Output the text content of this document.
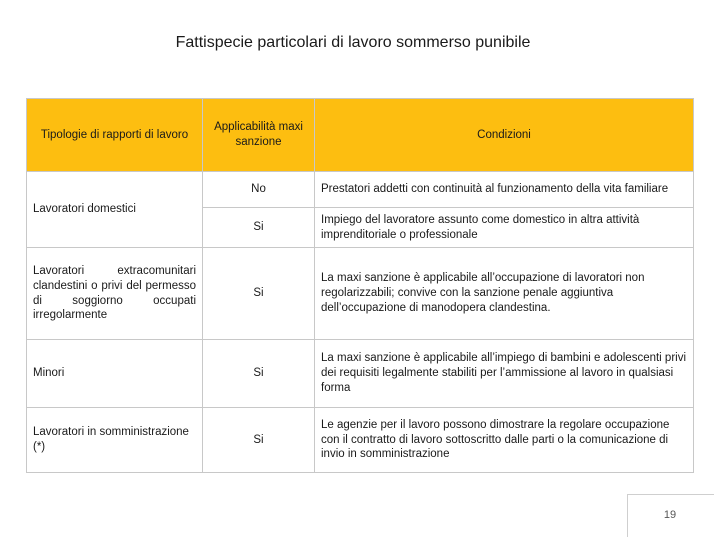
Fattispecie particolari di lavoro sommerso punibile
Tipologie di rapporti di lavoro	Applicabilità maxi sanzione	Condizioni
Lavoratori domestici	No	Prestatori addetti con continuità al funzionamento della vita familiare
	Si	Impiego del lavoratore assunto come domestico in altra attività imprenditoriale o professionale
Lavoratori extracomunitari clandestini o privi del permesso di soggiorno occupati irregolarmente	Si	La maxi sanzione è applicabile all’occupazione di lavoratori non regolarizzabili; convive con la sanzione penale aggiuntiva dell’occupazione di manodopera clandestina.
Minori	Si	La maxi sanzione è applicabile all’impiego di bambini e adolescenti privi dei requisiti legalmente stabiliti per l’ammissione al lavoro in qualsiasi forma
Lavoratori in somministrazione (*)	Si	Le agenzie per il lavoro possono dimostrare la regolare occupazione con il contratto di lavoro sottoscritto dalle parti o la comunicazione di invio in somministrazione
19
